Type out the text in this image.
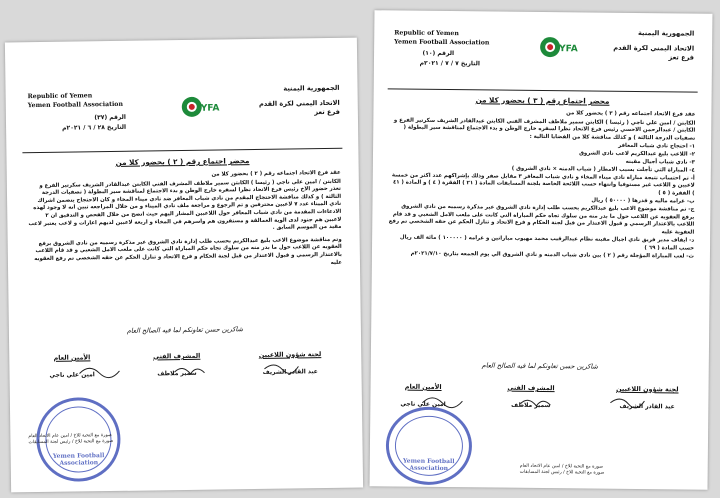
Republic of Yemen
Yemen Football Association
الرقم (٣٧)
التاريخ ٢٨ / ٦ / ٢٠٢١م
YFA
الجمهورية اليمنية
الاتحاد اليمني لكرة القدم
فرع تعز
محضر اجتماع رقم ( ٢ ) بحضور كلا من

عقد فرع الاتحاد اجتماعه رقم ( ٢ ) بحضور كلا من

الكابتن / امين علي ناجي ( رئيسا ) الكابتن سمير ملاطف المشرف الفني الكابتن عبدالقادر الشريف سكرتير الفرع و تعذر حضور الاخ رئيس فرع الاتحاد نظرا لسفره خارج الوطن و بدء الاجتماع لمناقشة سير البطولة ( تصفيات الدرجة الثالثة ) و كذلك مناقشة الاحتجاج المقدم من نادي شباب المعافر ضد نادي ميناء المخاء و كان الاحتجاج يتضمن اشراك نادي الميناء عدد ٧ لاعبين محترفين و تم الرجوع و مراجعة ملف نادي الميناء و من خلال المراجعه تبين انه لا وجود لهذه الادعاءات المقدمة من نادي شباب المعافر حول اللاعبين المشار اليهم حيث اتضح من خلال الفحص و التدقيق ان ٢ لاعبين هم جنود لدى الوية العمالقة و مستقرون هم واسرهم في المخاء و اربعة لاعبين لديهم اعارات و لاعب يعتبر لاعب مقيد من الموسم السابق .

وتم مناقشة موضوع الاعب بليغ عبدالكريم بحسب طلب إدارة نادي الشروق عبر مذكرة رسميه من نادي الشروق برفع العقوبه عن اللاعب حول ما بدر منه من سلوك تجاه حكم المباراة التي كانت على ملعب الامل الشعبي و قد قام اللاعب بالاعتذار الرسمي و قبول الاعتذار من قبل لجنة الحكام و فرع الاتحاد و تنازل الحكم عن حقه الشخصي تم رفع العقوبه عليه

شاكرين حسن تعاونكم لما فيه الصالح العام
لجنة شؤون اللاعبين
عبد القادر الشريف
المشرف الفني
سمير ملاطف
الأمين العام
امين علي ناجي
Yemen Football Association
صورة مع التحية للاخ / امين عام الاتحاد العام
صورة مع التحية للاخ / رئيس لجنة المسابقات
Republic of Yemen
Yemen Football Association
الرقم (١٠)
التاريخ ٧ / ٧ / ٢٠٢١م
YFA
الجمهورية اليمنية
الاتحاد اليمني لكرة القدم
فرع تعز
محضر اجتماع رقم ( ٣ ) بحضور كلا من

عقد فرع الاتحاد اجتماعه رقم ( ٣ ) بحضور كلا من

الكابتن / امين علي ناجي ( رئيسا ) الكابتن سمير ملاطف المشرف الفني الكابتن عبدالقادر الشريف سكرتير الفرع و الكابتن / عبدالرحمن الاحسي رئيس فرع الاتحاد نظرا لسفره خارج الوطن و بدء الاجتماع لمناقشة سير البطولة ( تصفيات الدرجة الثالثة ) و كذلك مناقشة كلا من القضايا التالية :

١- احتجاج نادي شباب المعافر
٢- اللاعب بليغ عبدالكريم لاعب نادي الشروق
٣- نادي شباب أجيال مقبنه
٤- المباراة التي تأجلت بسبب الامطار ( شباب الدمنه × نادي الشروق )
أ- تم احتساب نتيجة مباراة نادي ميناء المخاء و نادي شباب المعافر ٣ مقابل صفر وذلك بإشراكهم عدد اكثر من خمسة لاعبين و اللاعب غير مستوفيا وانتهاء حسب اللائحة الخاصة بلجنة المسابقات المادة ( ٢١ ) الفقرة ( ٤ ) و المادة ( ٤١ ) الفقرة ( ٥ )
ب- غرامه ماليه و قدرها ( ٥٠٠٠٠ ) ريال
ج- تم مناقشة موضوع الاعب بليغ عبدالكريم بحسب طلب إدارة نادي الشروق عبر مذكرة رسميه من نادي الشروق برفع العقوبه عن اللاعب حول ما بدر منه من سلوك تجاه حكم المباراة التي كانت على ملعب الامل الشعبي و قد قام اللاعب بالاعتذار الرسمي و قبول الاعتذار من قبل لجنة الحكام و فرع الاتحاد و تنازل الحكم عن حقه الشخصي تم رفع العقوبة عليه
د- ايقاف مدير فريق نادي اجيال مقبنه نظام عبدالرقيب محمد مهيوب مباراتين و غرامه ( ١٠٠٠٠٠ ) مائة الف ريال حسب المادة ( ٦٩ )
ث- لعب المباراة المؤجلة رقم ( ٢ ) بين نادي شباب الدمنه و نادي الشروق الي يوم الجمعه بتاريخ ٢٠٢١/٧/١٠م
شاكرين حسن تعاونكم لما فيه الصالح العام
لجنة شؤون اللاعبين
عبد القادر الشريف
المشرف الفني
سمير ملاطف
الأمين العام
امين علي ناجي
Yemen Football Association	صورة مع التحية للاخ / امين عام الاتحاد العام
صورة مع التحية للاخ / رئيس لجنة المسابقات
